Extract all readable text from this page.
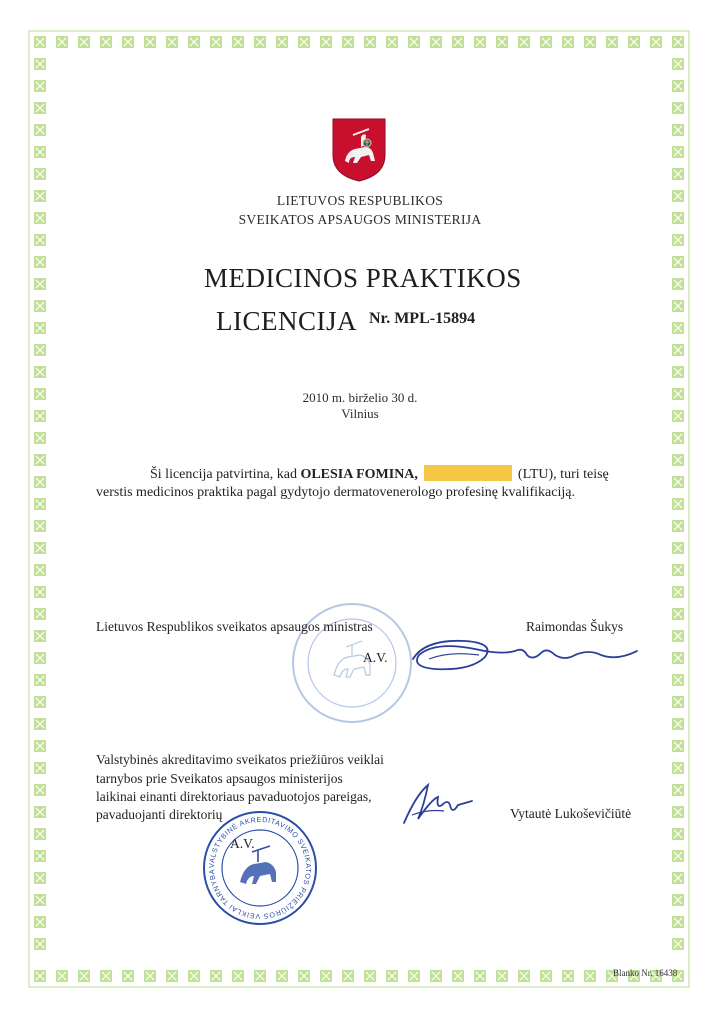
LIETUVOS RESPUBLIKOS
SVEIKATOS APSAUGOS MINISTERIJA
MEDICINOS PRAKTIKOS
LICENCIJA Nr. MPL-15894
2010 m. birželio 30 d.
Vilnius
Ši licencija patvirtina, kad OLESIA FOMINA,	(LTU), turi teisę
verstis medicinos praktika pagal gydytojo dermatovenerologo profesinę kvalifikaciją.
Lietuvos Respublikos sveikatos apsaugos ministras	Raimondas Šukys
A.V.
Valstybinės akreditavimo sveikatos priežiūros veiklai
tarnybos prie Sveikatos apsaugos ministerijos
laikinai einanti direktoriaus pavaduotojos pareigas,
pavaduojanti direktorių	Vytautė Lukoševičiūtė
VALSTYBINĖ AKREDITAVIMO SVEIKATOS PRIEŽIŪROS VEIKLAI TARNYBA
A.V.
Blanko Nr. 16438
